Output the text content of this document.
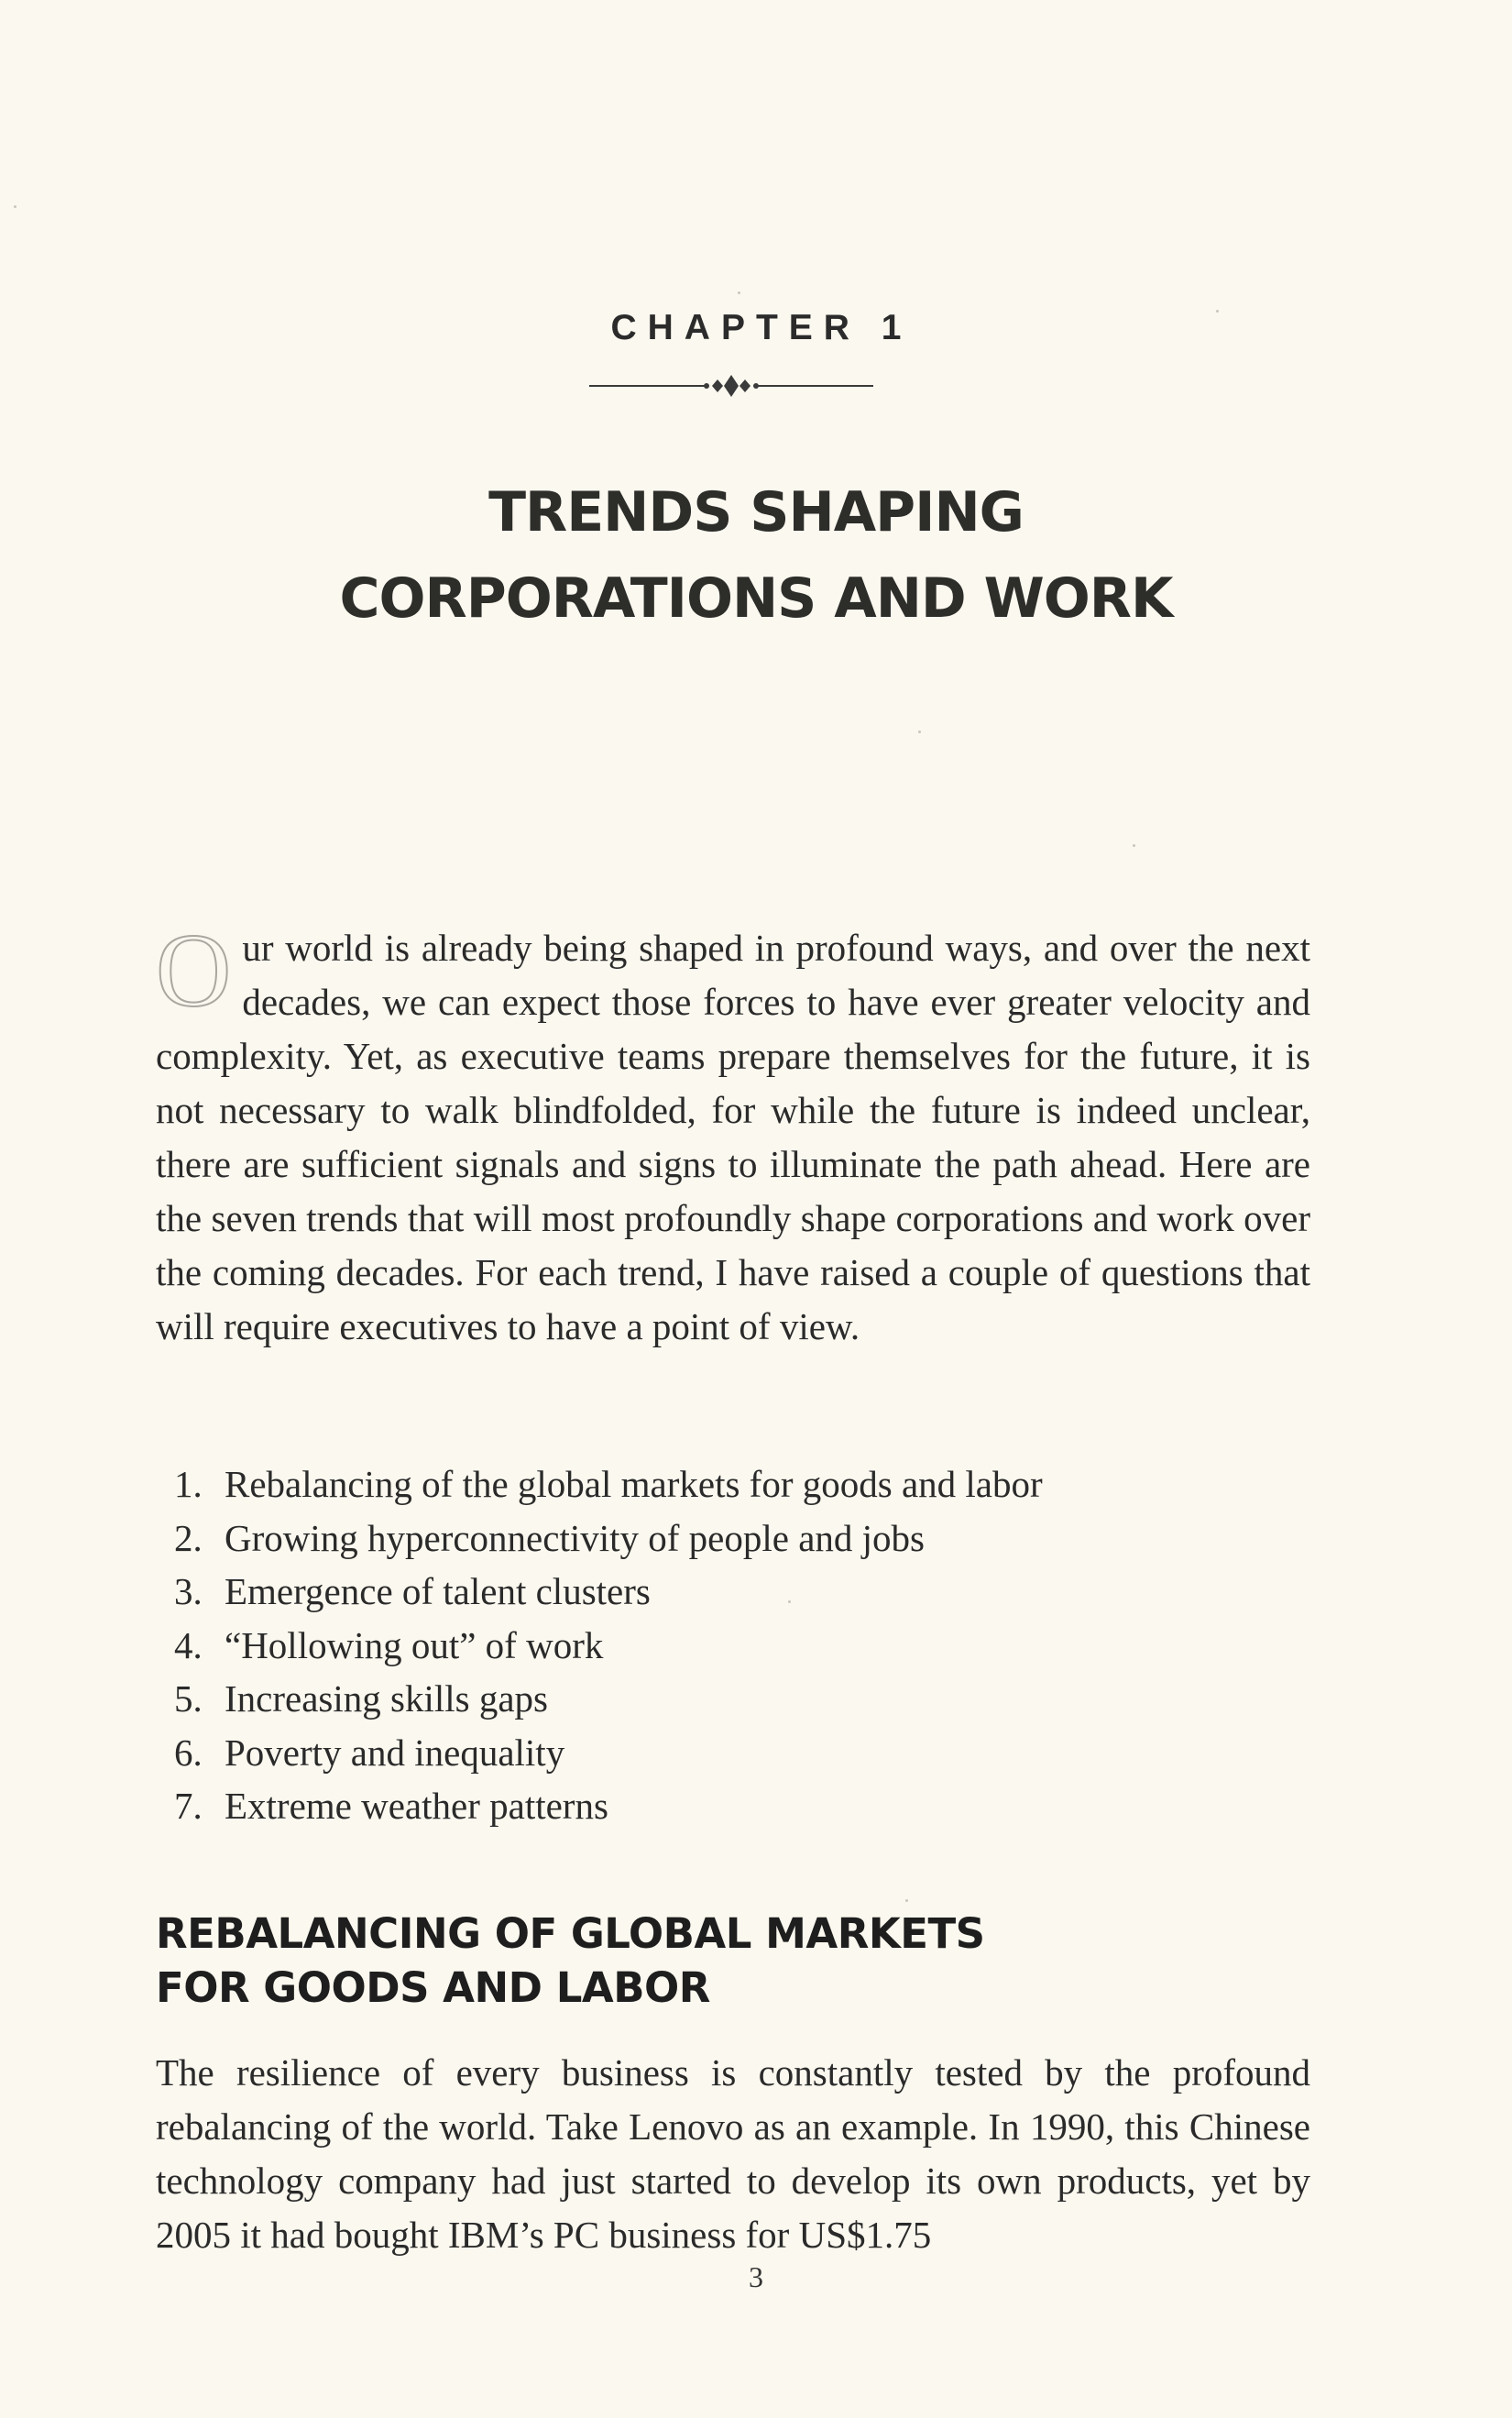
CHAPTER 1
TRENDS SHAPING
CORPORATIONS AND WORK

Our world is already being shaped in profound ways, and over the next decades, we can expect those forces to have ever greater velocity and complexity. Yet, as executive teams prepare themselves for the future, it is not necessary to walk blindfolded, for while the future is indeed unclear, there are sufficient signals and signs to illuminate the path ahead. Here are the seven trends that will most profoundly shape corporations and work over the coming decades. For each trend, I have raised a couple of questions that will require executives to have a point of view.

1. Rebalancing of the global markets for goods and labor
2. Growing hyperconnectivity of people and jobs
3. Emergence of talent clusters
4. “Hollowing out” of work
5. Increasing skills gaps
6. Poverty and inequality
7. Extreme weather patterns
REBALANCING OF GLOBAL MARKETS
FOR GOODS AND LABOR

The resilience of every business is constantly tested by the profound rebalancing of the world. Take Lenovo as an example. In 1990, this Chinese technology company had just started to develop its own products, yet by 2005 it had bought IBM’s PC business for US$1.75

3
